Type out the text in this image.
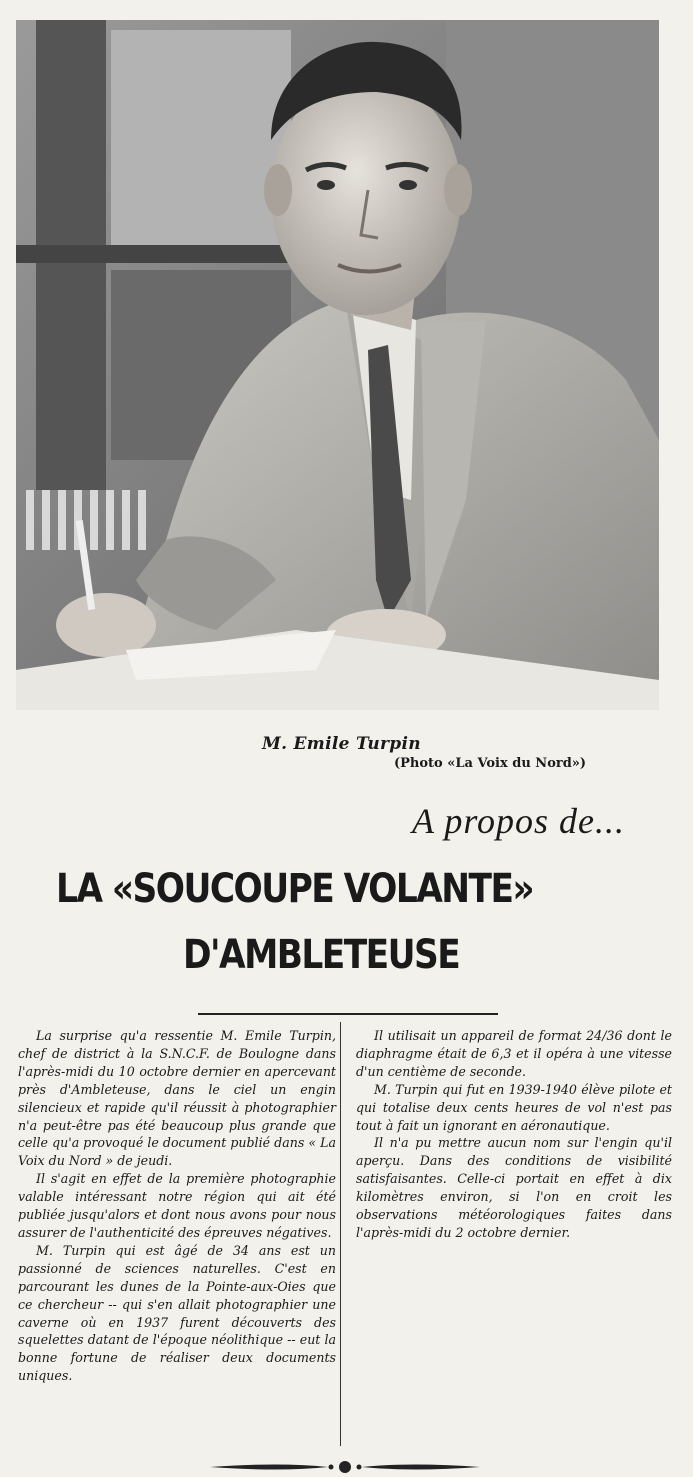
M. Emile Turpin
(Photo «La Voix du Nord»)
A propos de...
LA «SOUCOUPE VOLANTE»
D'AMBLETEUSE

La surprise qu'a ressentie M. Emile Turpin, chef de district à la S.N.C.F. de Boulogne dans l'après-midi du 10 octobre dernier en apercevant près d'Ambleteuse, dans le ciel un engin silencieux et rapide qu'il réussit à photographier n'a peut-être pas été beaucoup plus grande que celle qu'a provoqué le document publié dans « La Voix du Nord » de jeudi.

Il s'agit en effet de la première photographie valable intéressant notre région qui ait été publiée jusqu'alors et dont nous avons pour nous assurer de l'authenticité des épreuves négatives.

M. Turpin qui est âgé de 34 ans est un passionné de sciences naturelles. C'est en parcourant les dunes de la Pointe-aux-Oies que ce chercheur -- qui s'en allait photographier une caverne où en 1937 furent découverts des squelettes datant de l'époque néolithique -- eut la bonne fortune de réaliser deux documents uniques.

Il utilisait un appareil de format 24/36 dont le diaphragme était de 6,3 et il opéra à une vitesse d'un centième de seconde.

M. Turpin qui fut en 1939-1940 élève pilote et qui totalise deux cents heures de vol n'est pas tout à fait un ignorant en aéronautique.

Il n'a pu mettre aucun nom sur l'engin qu'il aperçu. Dans des conditions de visibilité satisfaisantes. Celle-ci portait en effet à dix kilomètres environ, si l'on en croit les observations météorologiques faites dans l'après-midi du 2 octobre dernier.
